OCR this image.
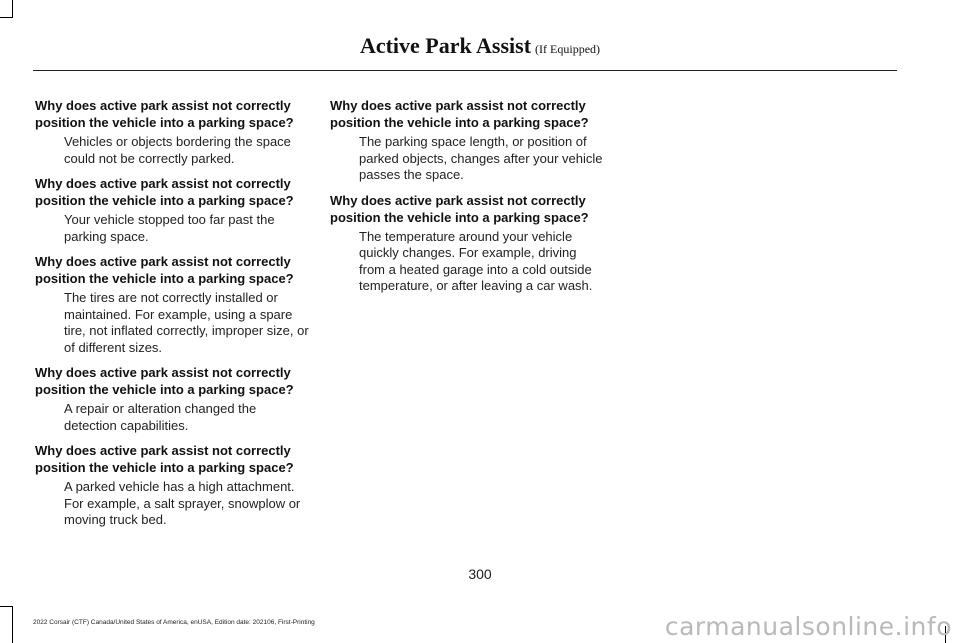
Active Park Assist (If Equipped)

Why does active park assist not correctly position the vehicle into a parking space?

Vehicles or objects bordering the space could not be correctly parked.

Why does active park assist not correctly position the vehicle into a parking space?

Your vehicle stopped too far past the parking space.

Why does active park assist not correctly position the vehicle into a parking space?

The tires are not correctly installed or maintained. For example, using a spare tire, not inflated correctly, improper size, or of different sizes.

Why does active park assist not correctly position the vehicle into a parking space?

A repair or alteration changed the detection capabilities.

Why does active park assist not correctly position the vehicle into a parking space?

A parked vehicle has a high attachment. For example, a salt sprayer, snowplow or moving truck bed.

Why does active park assist not correctly position the vehicle into a parking space?

The parking space length, or position of parked objects, changes after your vehicle passes the space.

Why does active park assist not correctly position the vehicle into a parking space?

The temperature around your vehicle quickly changes. For example, driving from a heated garage into a cold outside temperature, or after leaving a car wash.

300
2022 Corsair (CTF) Canada/United States of America, enUSA, Edition date: 202106, First-Printing	carmanualsonline.info
